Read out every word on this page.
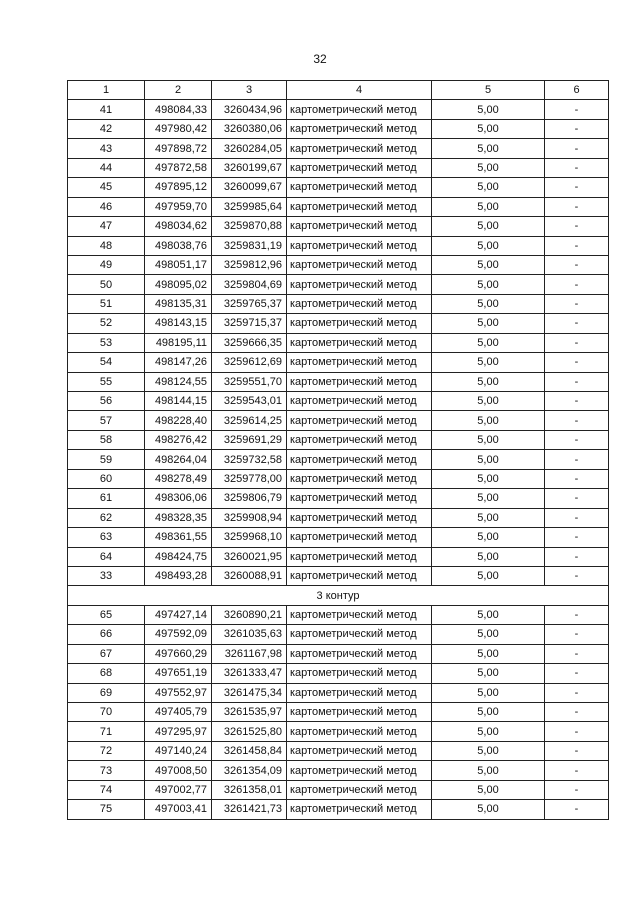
32
1	2	3	4	5	6
41	498084,33	3260434,96	картометрический метод	5,00	-
42	497980,42	3260380,06	картометрический метод	5,00	-
43	497898,72	3260284,05	картометрический метод	5,00	-
44	497872,58	3260199,67	картометрический метод	5,00	-
45	497895,12	3260099,67	картометрический метод	5,00	-
46	497959,70	3259985,64	картометрический метод	5,00	-
47	498034,62	3259870,88	картометрический метод	5,00	-
48	498038,76	3259831,19	картометрический метод	5,00	-
49	498051,17	3259812,96	картометрический метод	5,00	-
50	498095,02	3259804,69	картометрический метод	5,00	-
51	498135,31	3259765,37	картометрический метод	5,00	-
52	498143,15	3259715,37	картометрический метод	5,00	-
53	498195,11	3259666,35	картометрический метод	5,00	-
54	498147,26	3259612,69	картометрический метод	5,00	-
55	498124,55	3259551,70	картометрический метод	5,00	-
56	498144,15	3259543,01	картометрический метод	5,00	-
57	498228,40	3259614,25	картометрический метод	5,00	-
58	498276,42	3259691,29	картометрический метод	5,00	-
59	498264,04	3259732,58	картометрический метод	5,00	-
60	498278,49	3259778,00	картометрический метод	5,00	-
61	498306,06	3259806,79	картометрический метод	5,00	-
62	498328,35	3259908,94	картометрический метод	5,00	-
63	498361,55	3259968,10	картометрический метод	5,00	-
64	498424,75	3260021,95	картометрический метод	5,00	-
33	498493,28	3260088,91	картометрический метод	5,00	-
3 контур					
65	497427,14	3260890,21	картометрический метод	5,00	-
66	497592,09	3261035,63	картометрический метод	5,00	-
67	497660,29	3261167,98	картометрический метод	5,00	-
68	497651,19	3261333,47	картометрический метод	5,00	-
69	497552,97	3261475,34	картометрический метод	5,00	-
70	497405,79	3261535,97	картометрический метод	5,00	-
71	497295,97	3261525,80	картометрический метод	5,00	-
72	497140,24	3261458,84	картометрический метод	5,00	-
73	497008,50	3261354,09	картометрический метод	5,00	-
74	497002,77	3261358,01	картометрический метод	5,00	-
75	497003,41	3261421,73	картометрический метод	5,00	-
